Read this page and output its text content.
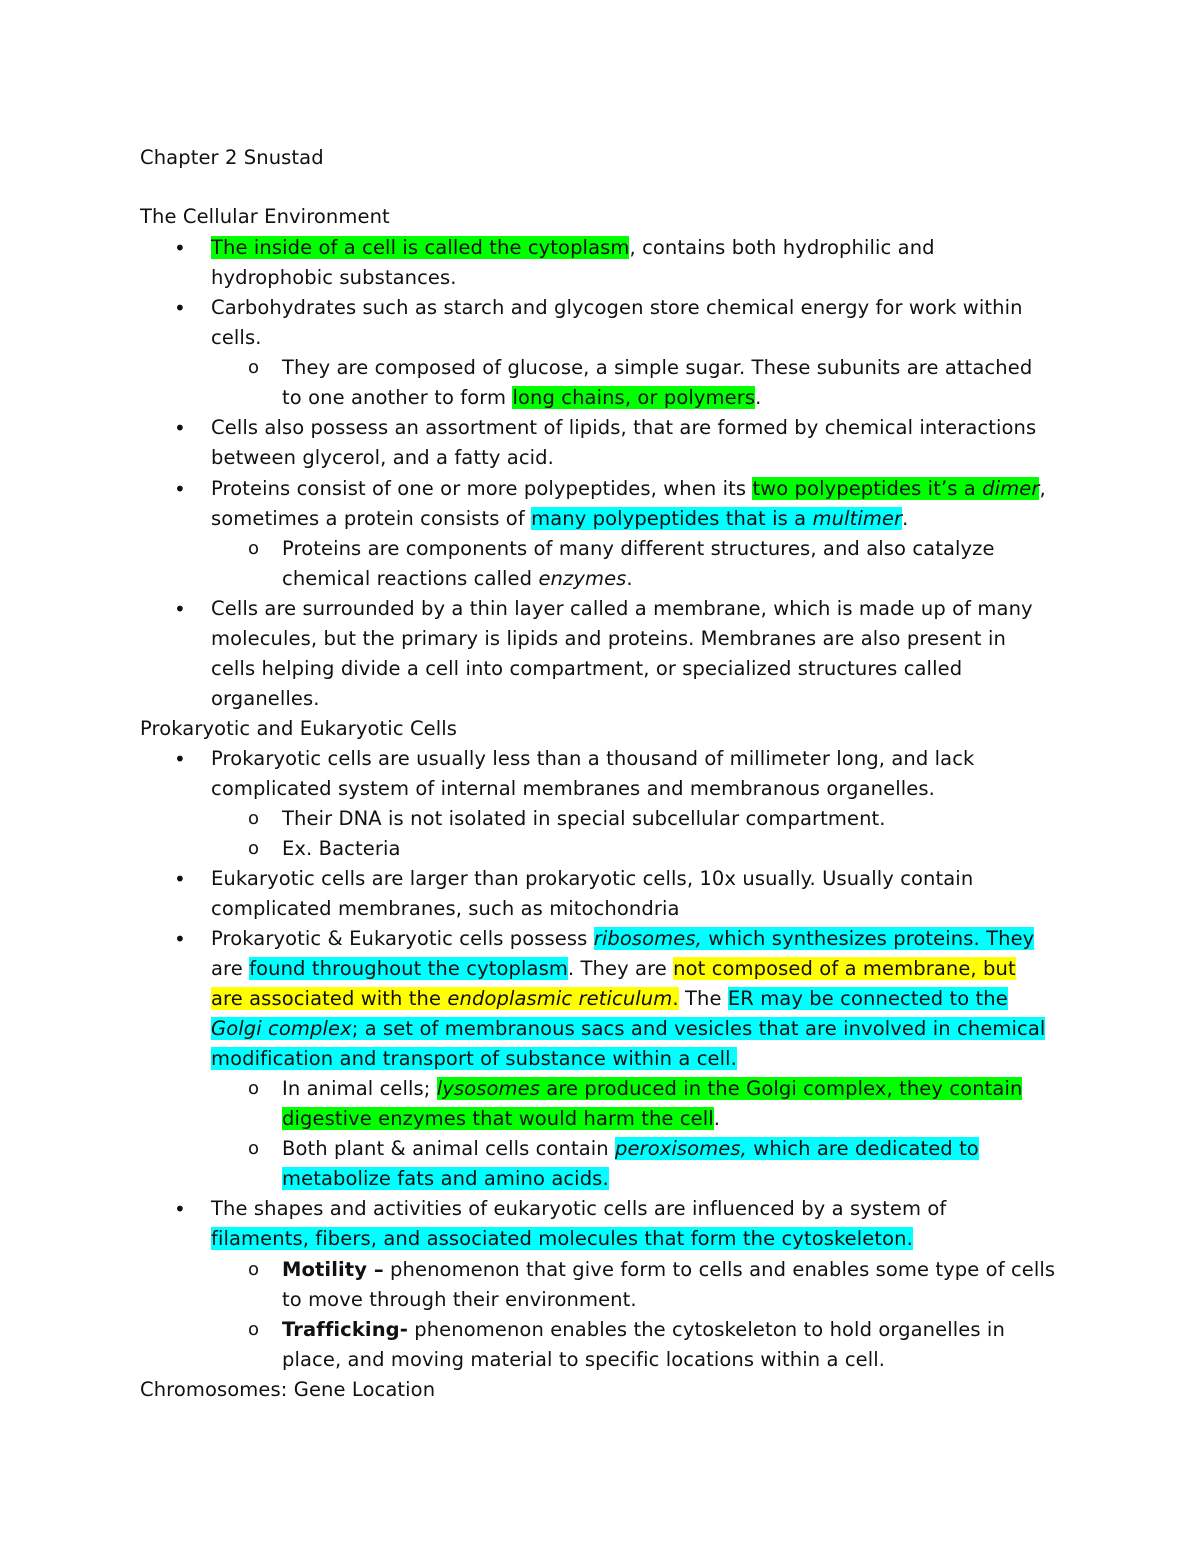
Chapter 2 Snustad
The Cellular Environment
• The inside of a cell is called the cytoplasm, contains both hydrophilic and
hydrophobic substances.
• Carbohydrates such as starch and glycogen store chemical energy for work within
cells.
o They are composed of glucose, a simple sugar. These subunits are attached
to one another to form long chains, or polymers.
• Cells also possess an assortment of lipids, that are formed by chemical interactions
between glycerol, and a fatty acid.
• Proteins consist of one or more polypeptides, when its two polypeptides it’s a dimer,
sometimes a protein consists of many polypeptides that is a multimer.
o Proteins are components of many different structures, and also catalyze
chemical reactions called enzymes.
• Cells are surrounded by a thin layer called a membrane, which is made up of many
molecules, but the primary is lipids and proteins. Membranes are also present in
cells helping divide a cell into compartment, or specialized structures called
organelles.
Prokaryotic and Eukaryotic Cells
• Prokaryotic cells are usually less than a thousand of millimeter long, and lack
complicated system of internal membranes and membranous organelles.
o Their DNA is not isolated in special subcellular compartment.
o Ex. Bacteria
• Eukaryotic cells are larger than prokaryotic cells, 10x usually. Usually contain
complicated membranes, such as mitochondria
• Prokaryotic & Eukaryotic cells possess ribosomes, which synthesizes proteins. They
are found throughout the cytoplasm. They are not composed of a membrane, but
are associated with the endoplasmic reticulum. The ER may be connected to the
Golgi complex; a set of membranous sacs and vesicles that are involved in chemical
modification and transport of substance within a cell.
o In animal cells; lysosomes are produced in the Golgi complex, they contain
digestive enzymes that would harm the cell.
o Both plant & animal cells contain peroxisomes, which are dedicated to
metabolize fats and amino acids.
• The shapes and activities of eukaryotic cells are influenced by a system of
filaments, fibers, and associated molecules that form the cytoskeleton.
o Motility – phenomenon that give form to cells and enables some type of cells
to move through their environment.
o Trafficking- phenomenon enables the cytoskeleton to hold organelles in
place, and moving material to specific locations within a cell.
Chromosomes: Gene Location
